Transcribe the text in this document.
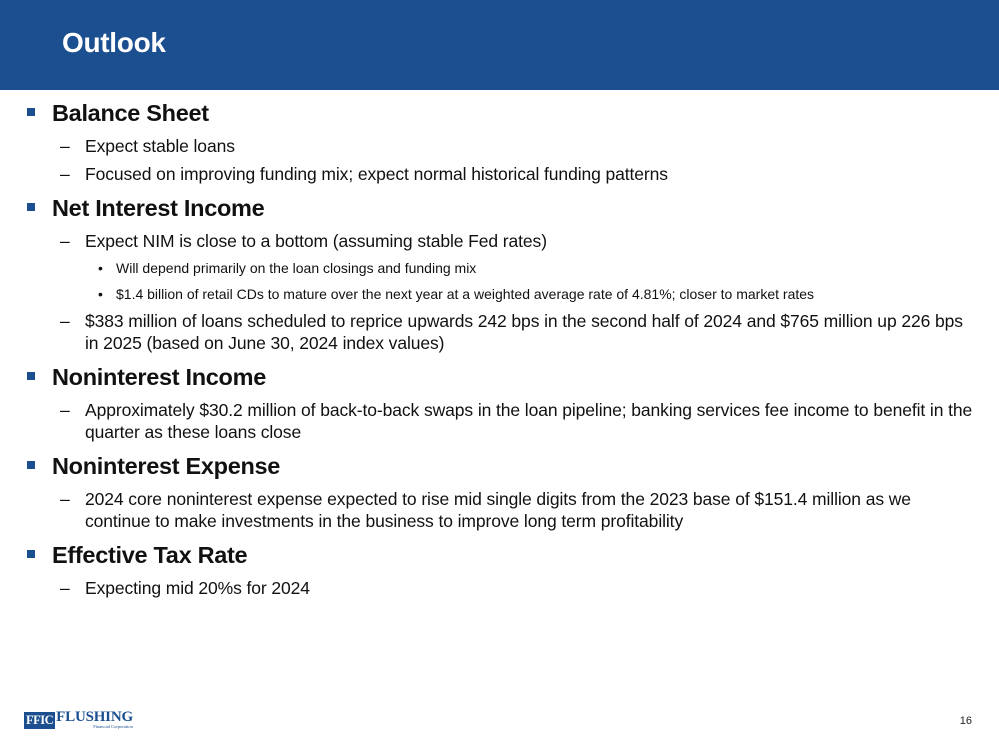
Outlook
Balance Sheet
– Expect stable loans
– Focused on improving funding mix; expect normal historical funding patterns
Net Interest Income
– Expect NIM is close to a bottom (assuming stable Fed rates)
• Will depend primarily on the loan closings and funding mix
• $1.4 billion of retail CDs to mature over the next year at a weighted average rate of 4.81%; closer to market rates
– $383 million of loans scheduled to reprice upwards 242 bps in the second half of 2024 and $765 million up 226 bps in 2025 (based on June 30, 2024 index values)
Noninterest Income
– Approximately $30.2 million of back-to-back swaps in the loan pipeline; banking services fee income to benefit in the quarter as these loans close
Noninterest Expense
– 2024 core noninterest expense expected to rise mid single digits from the 2023 base of $151.4 million as we continue to make investments in the business to improve long term profitability
Effective Tax Rate
– Expecting mid 20%s for 2024
FFIC FLUSHING
Financial Corporation	16
